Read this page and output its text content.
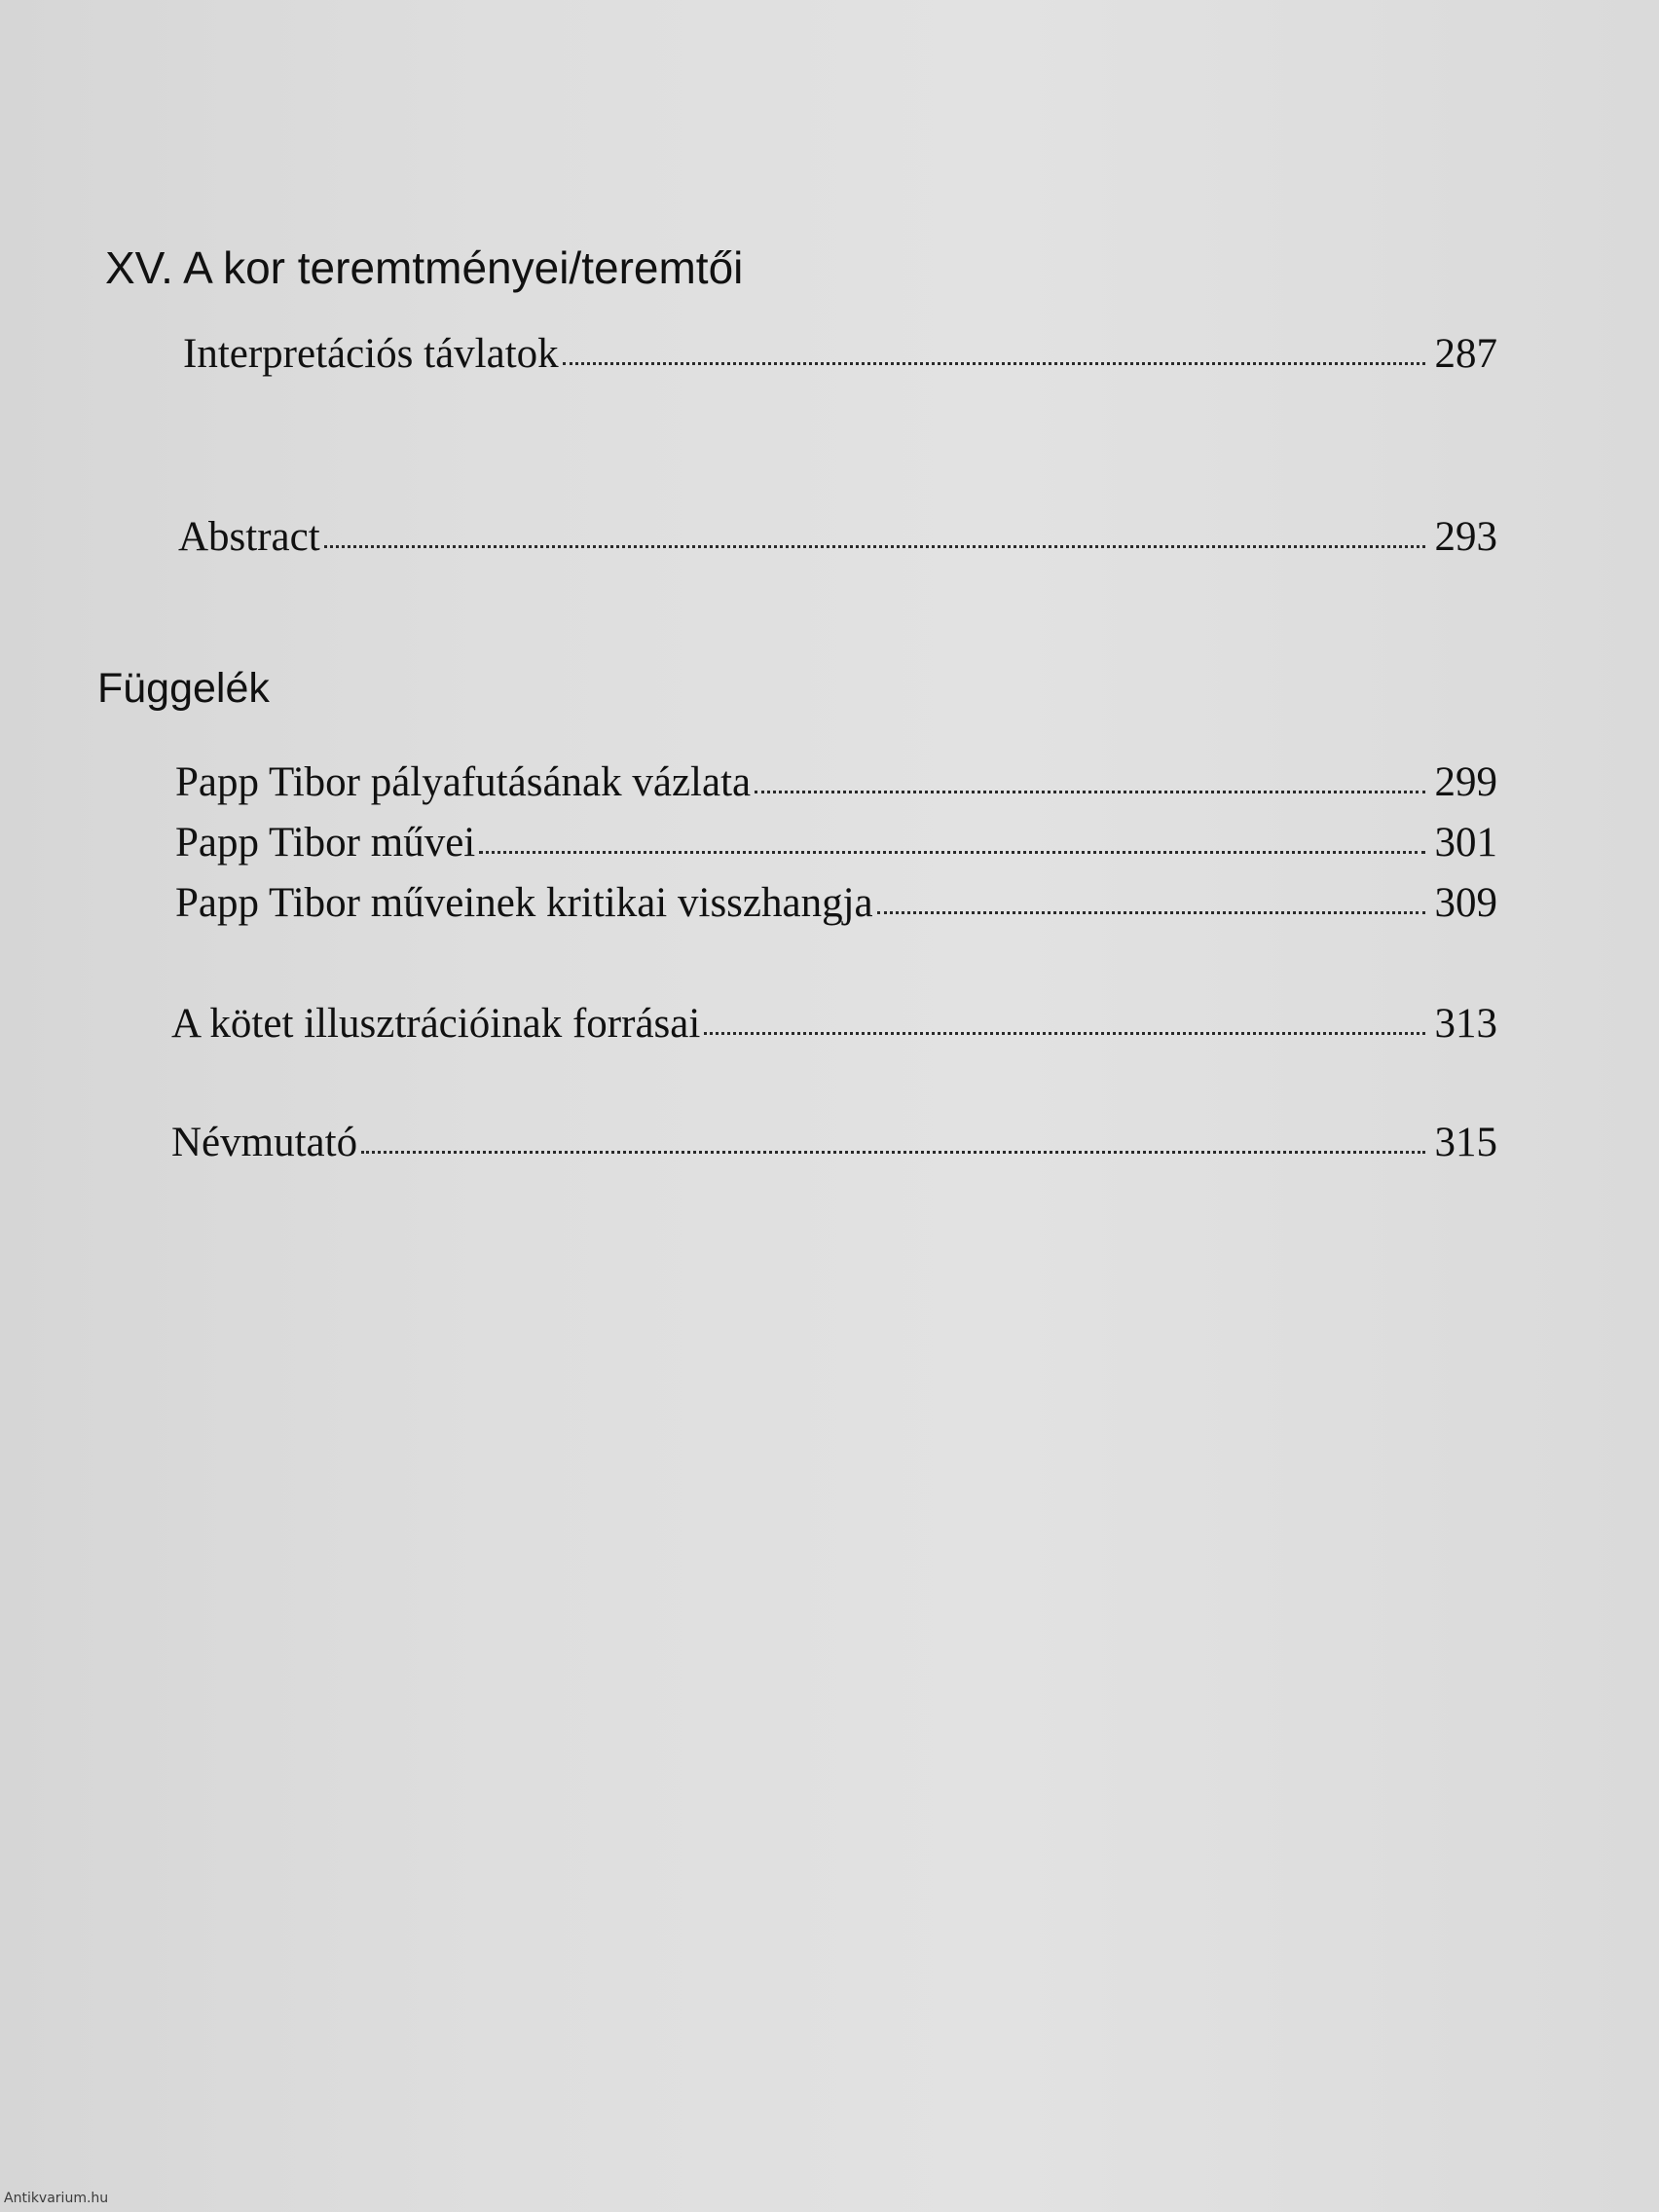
XV. A kor teremtményei/teremtői
Interpretációs távlatok	287
Abstract	293
Függelék
Papp Tibor pályafutásának vázlata	299
Papp Tibor művei	301
Papp Tibor műveinek kritikai visszhangja	309
A kötet illusztrációinak forrásai	313
Névmutató	315
Antikvarium.hu
